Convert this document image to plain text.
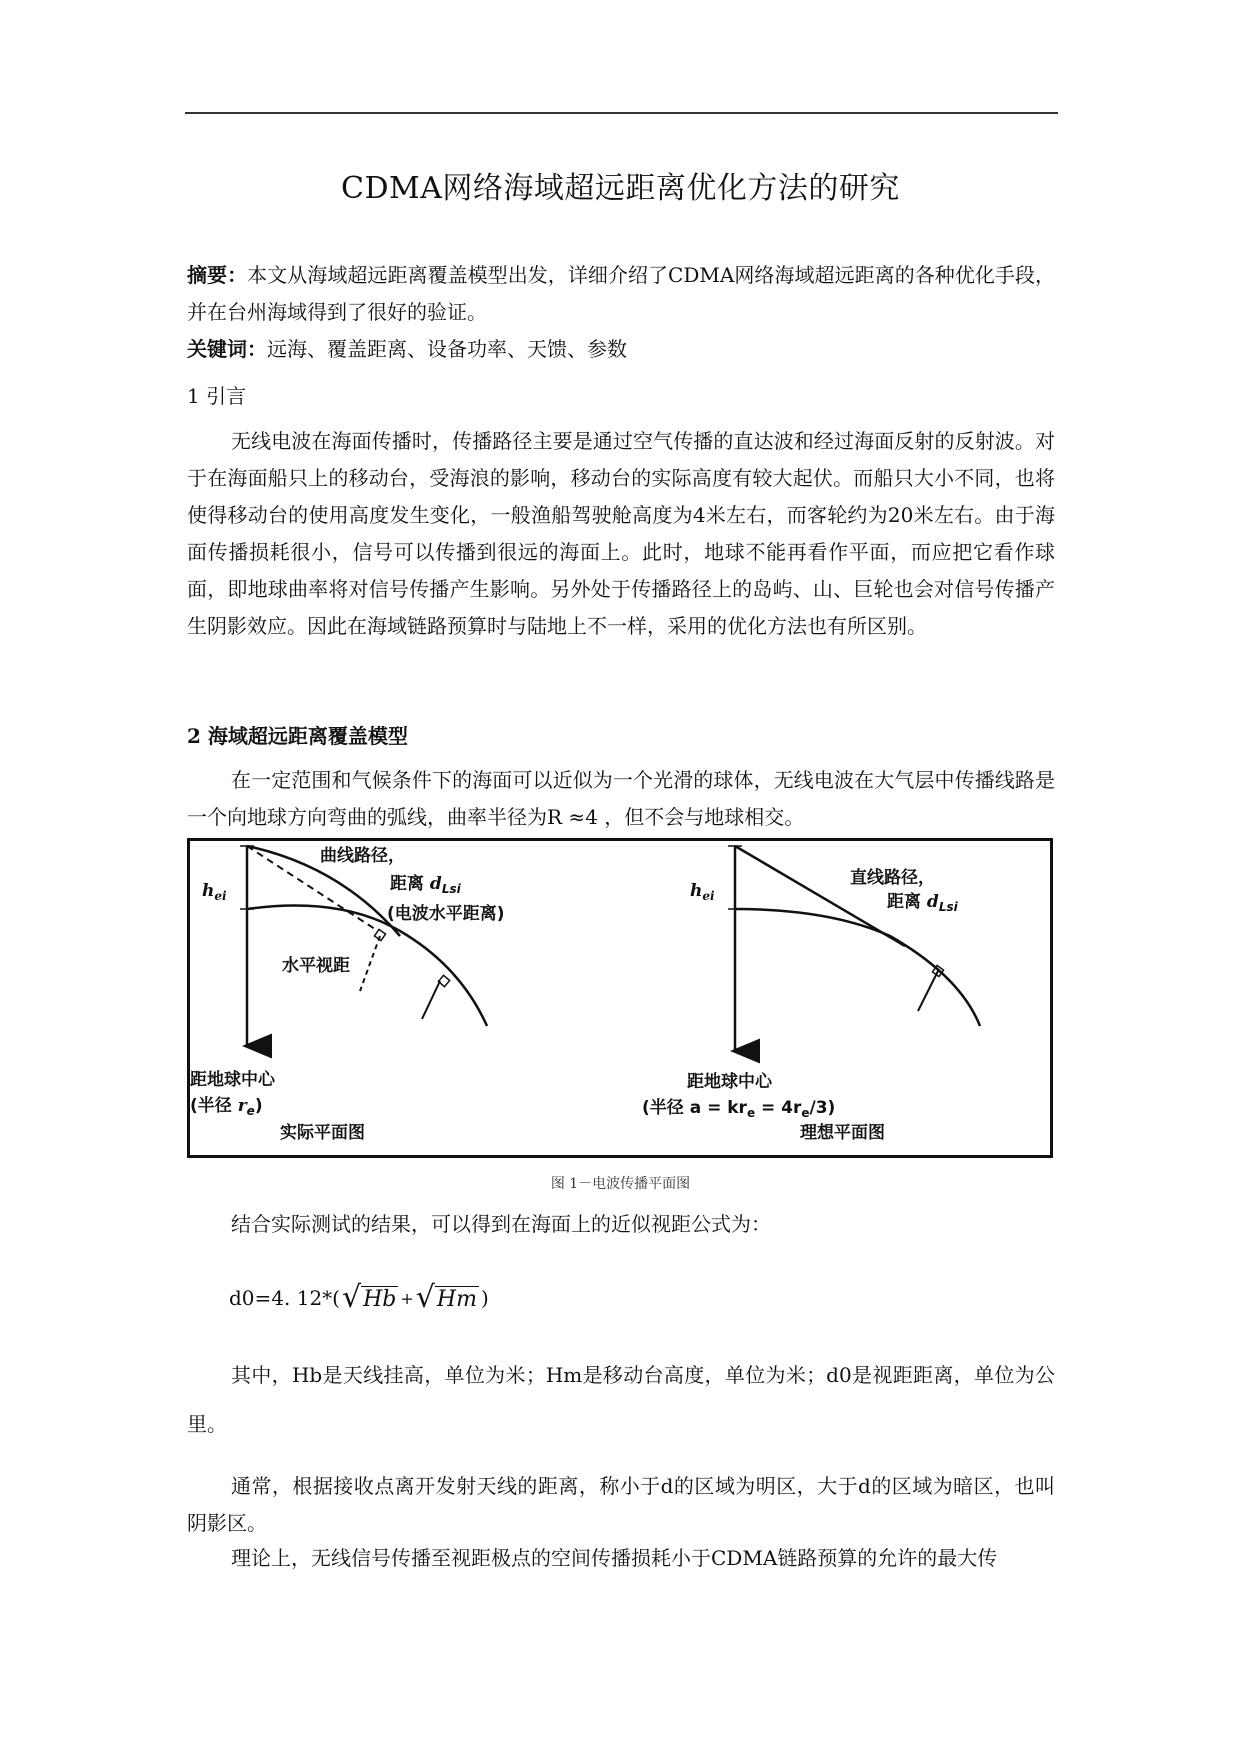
CDMA网络海域超远距离优化方法的研究
摘要：本文从海域超远距离覆盖模型出发，详细介绍了CDMA网络海域超远距离的各种优化手段，并在台州海域得到了很好的验证。
关键词：远海、覆盖距离、设备功率、天馈、参数
1 引言
无线电波在海面传播时，传播路径主要是通过空气传播的直达波和经过海面反射的反射波。对于在海面船只上的移动台，受海浪的影响，移动台的实际高度有较大起伏。而船只大小不同，也将使得移动台的使用高度发生变化，一般渔船驾驶舱高度为4米左右，而客轮约为20米左右。由于海面传播损耗很小，信号可以传播到很远的海面上。此时，地球不能再看作平面，而应把它看作球面，即地球曲率将对信号传播产生影响。另外处于传播路径上的岛屿、山、巨轮也会对信号传播产生阴影效应。因此在海域链路预算时与陆地上不一样，采用的优化方法也有所区别。
2 海域超远距离覆盖模型
在一定范围和气候条件下的海面可以近似为一个光滑的球体，无线电波在大气层中传播线路是一个向地球方向弯曲的弧线，曲率半径为R ≈4 ，但不会与地球相交。
$h_{ei}$
曲线路径，
距离 $d_{Lsi}$
(电波水平距离)
水平视距
距地球中心
(半径 $r_e$)
实际平面图
$h_{ei}$
直线路径，
距离 $d_{Lsi}$
距地球中心
(半径 $a = kr_e = 4r_e/3$)
理想平面图
图 1－电波传播平面图
结合实际测试的结果，可以得到在海面上的近似视距公式为：
d0=4. 12*( √ Hb + √ Hm )
其中，Hb是天线挂高，单位为米；Hm是移动台高度，单位为米；d0是视距距离，单位为公里。
通常，根据接收点离开发射天线的距离，称小于d的区域为明区，大于d的区域为暗区，也叫阴影区。
理论上，无线信号传播至视距极点的空间传播损耗小于CDMA链路预算的允许的最大传
